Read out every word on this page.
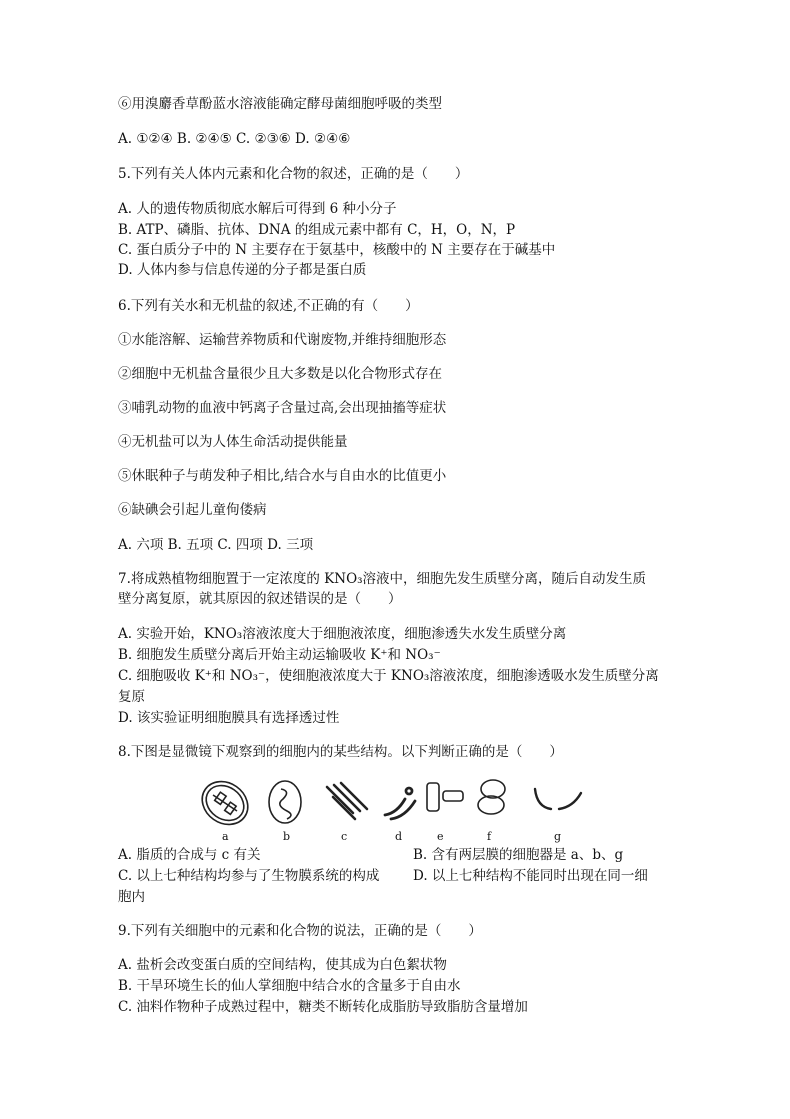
⑥用溴麝香草酚蓝水溶液能确定酵母菌细胞呼吸的类型
A. ①②④ B. ②④⑤ C. ②③⑥ D. ②④⑥
5.下列有关人体内元素和化合物的叙述，正确的是（　　）
A. 人的遗传物质彻底水解后可得到 6 种小分子
B. ATP、磷脂、抗体、DNA 的组成元素中都有 C，H，O，N，P
C. 蛋白质分子中的 N 主要存在于氨基中，核酸中的 N 主要存在于碱基中
D. 人体内参与信息传递的分子都是蛋白质
6.下列有关水和无机盐的叙述,不正确的有（　　）
①水能溶解、运输营养物质和代谢废物,并维持细胞形态
②细胞中无机盐含量很少且大多数是以化合物形式存在
③哺乳动物的血液中钙离子含量过高,会出现抽搐等症状
④无机盐可以为人体生命活动提供能量
⑤休眠种子与萌发种子相比,结合水与自由水的比值更小
⑥缺碘会引起儿童佝偻病
A. 六项 B. 五项 C. 四项 D. 三项
7.将成熟植物细胞置于一定浓度的 KNO₃溶液中，细胞先发生质壁分离，随后自动发生质
壁分离复原，就其原因的叙述错误的是（　　）
A. 实验开始，KNO₃溶液浓度大于细胞液浓度，细胞渗透失水发生质壁分离
B. 细胞发生质壁分离后开始主动运输吸收 K⁺和 NO₃⁻
C. 细胞吸收 K⁺和 NO₃⁻，使细胞液浓度大于 KNO₃溶液浓度，细胞渗透吸水发生质壁分离
复原
D. 该实验证明细胞膜具有选择透过性
8.下图是显微镜下观察到的细胞内的某些结构。以下判断正确的是（　　）
a	b	c	d	e	f	g
A. 脂质的合成与 c 有关	B. 含有两层膜的细胞器是 a、b、g
C. 以上七种结构均参与了生物膜系统的构成 D. 以上七种结构不能同时出现在同一细
胞内
9.下列有关细胞中的元素和化合物的说法，正确的是（　　）
A. 盐析会改变蛋白质的空间结构，使其成为白色絮状物
B. 干旱环境生长的仙人掌细胞中结合水的含量多于自由水
C. 油料作物种子成熟过程中，糖类不断转化成脂肪导致脂肪含量增加
